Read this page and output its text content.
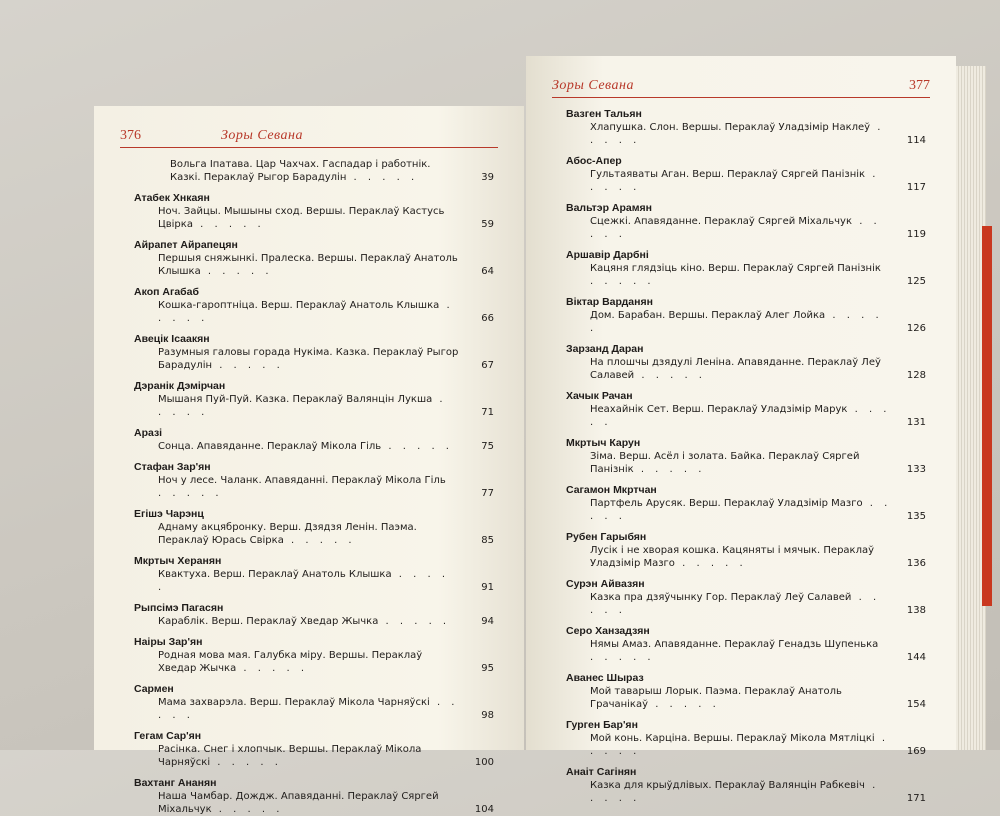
376	Зоры Севана
Вольга Іпатава. Цар Чахчах. Гаспадар і работнік. Казкі. Пераклаў Рыгор Барадулін . . . . .	39
Атабек Хнкаян
Ноч. Зайцы. Мышыны сход. Вершы. Пераклаў Кастусь Цвірка . . . . .	59
Айрапет Айрапецян
Першыя сняжынкі. Пралеска. Вершы. Пераклаў Анатоль Клышка . . . . .	64
Акоп Агабаб
Кошка-гароптніца. Верш. Пераклаў Анатоль Клышка . . . . .	66
Авецік Ісаакян
Разумныя галовы горада Нукіма. Казка. Пераклаў Рыгор Барадулін . . . . .	67
Дэранік Дэмірчан
Мышаня Пуй-Пуй. Казка. Пераклаў Валянцін Лукша . . . . .	71
Аразі
Сонца. Апавяданне. Пераклаў Мікола Гіль . . . . .	75
Стафан Зар'ян
Ноч у лесе. Чаланк. Апавяданні. Пераклаў Мікола Гіль . . . . .	77
Егішэ Чарэнц
Аднаму акцябронку. Верш. Дзядзя Ленін. Паэма. Пераклаў Юрась Свірка . . . . .	85
Мкртыч Херанян
Квактуха. Верш. Пераклаў Анатоль Клышка . . . . .	91
Рыпсімэ Пагасян
Караблік. Верш. Пераклаў Хведар Жычка . . . . .	94
Наіры Зар'ян
Родная мова мая. Галубка міру. Вершы. Пераклаў Хведар Жычка . . . . .	95
Сармен
Мама захварэла. Верш. Пераклаў Мікола Чарняўскі . . . . .	98
Гегам Сар'ян
Расінка. Снег і хлопчык. Вершы. Пераклаў Мікола Чарняўскі . . . . .	100
Вахтанг Ананян
Наша Чамбар. Дождж. Апавяданні. Пераклаў Сяргей Міхальчук . . . . .	104
Зоры Севана	377
Вазген Тальян
Хлапушка. Слон. Вершы. Пераклаў Уладзімір Наклеў . . . . .	114
Абос-Апер
Гультаяваты Аган. Верш. Пераклаў Сяргей Панізнік . . . . .	117
Вальтэр Арамян
Сцежкі. Апавяданне. Пераклаў Сяргей Міхальчук . . . . .	119
Аршавір Дарбні
Кацяня глядзіць кіно. Верш. Пераклаў Сяргей Панізнік . . . . .	125
Віктар Варданян
Дом. Барабан. Вершы. Пераклаў Алег Лойка . . . . .	126
Зарзанд Даран
На плошчы дзядулі Леніна. Апавяданне. Пераклаў Леў Салавей . . . . .	128
Хачык Рачан
Неахайнік Сет. Верш. Пераклаў Уладзімір Марук . . . . .	131
Мкртыч Карун
Зіма. Верш. Асёл і золата. Байка. Пераклаў Сяргей Панізнік . . . . .	133
Сагамон Мкртчан
Партфель Арусяк. Верш. Пераклаў Уладзімір Мазго . . . . .	135
Рубен Гарыбян
Лусік і не хворая кошка. Кацяняты і мячык. Пераклаў Уладзімір Мазго . . . . .	136
Сурэн Айвазян
Казка пра дзяўчынку Гор. Пераклаў Леў Салавей . . . . .	138
Серо Ханзадзян
Нямы Амаз. Апавяданне. Пераклаў Генадзь Шупенька . . . . .	144
Аванес Шыраз
Мой таварыш Лорык. Паэма. Пераклаў Анатоль Грачанікаў . . . . .	154
Гурген Бар'ян
Мой конь. Карціна. Вершы. Пераклаў Мікола Мятліцкі . . . . .	169
Анаіт Сагінян
Казка для крыўдлівых. Пераклаў Валянцін Рабкевіч . . . . .	171
